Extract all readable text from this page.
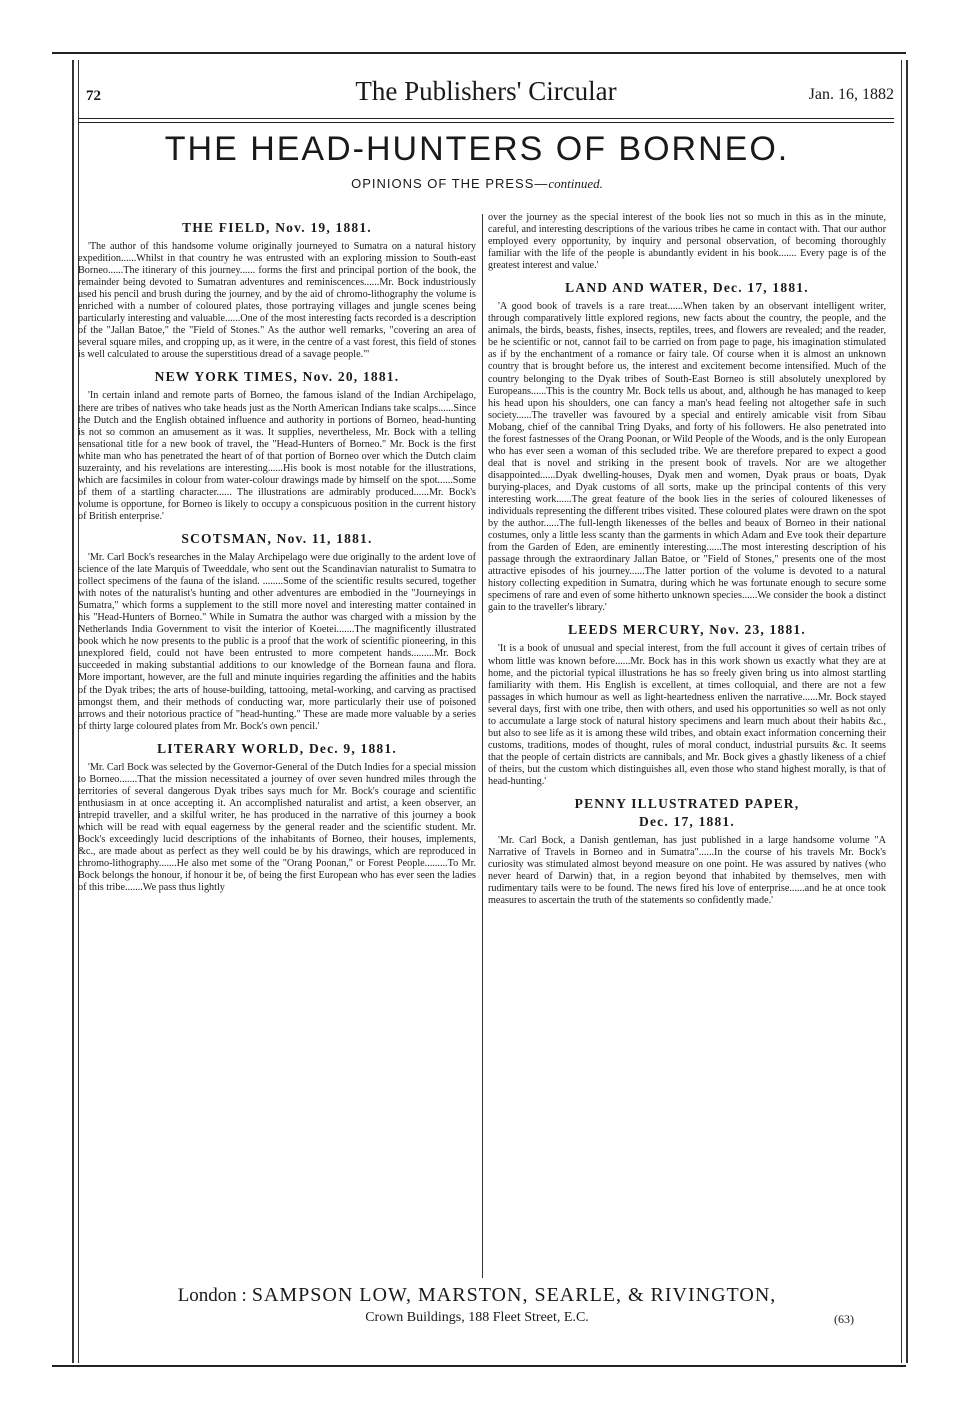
72	The Publishers' Circular	Jan. 16, 1882
THE HEAD-HUNTERS OF BORNEO.
OPINIONS OF THE PRESS—continued.
THE FIELD, Nov. 19, 1881.

'The author of this handsome volume originally journeyed to Sumatra on a natural history expedition......Whilst in that country he was entrusted with an exploring mission to South-east Borneo......The itinerary of this journey...... forms the first and principal portion of the book, the remainder being devoted to Sumatran adventures and reminiscences......Mr. Bock industriously used his pencil and brush during the journey, and by the aid of chromo-lithography the volume is enriched with a number of coloured plates, those portraying villages and jungle scenes being particularly interesting and valuable......One of the most interesting facts recorded is a description of the "Jallan Batoe," the "Field of Stones." As the author well remarks, "covering an area of several square miles, and cropping up, as it were, in the centre of a vast forest, this field of stones is well calculated to arouse the superstitious dread of a savage people."'

NEW YORK TIMES, Nov. 20, 1881.

'In certain inland and remote parts of Borneo, the famous island of the Indian Archipelago, there are tribes of natives who take heads just as the North American Indians take scalps......Since the Dutch and the English obtained influence and authority in portions of Borneo, head-hunting is not so common an amusement as it was. It supplies, nevertheless, Mr. Bock with a telling sensational title for a new book of travel, the "Head-Hunters of Borneo." Mr. Bock is the first white man who has penetrated the heart of of that portion of Borneo over which the Dutch claim suzerainty, and his revelations are interesting......His book is most notable for the illustrations, which are facsimiles in colour from water-colour drawings made by himself on the spot......Some of them of a startling character...... The illustrations are admirably produced......Mr. Bock's volume is opportune, for Borneo is likely to occupy a conspicuous position in the current history of British enterprise.'

SCOTSMAN, Nov. 11, 1881.

'Mr. Carl Bock's researches in the Malay Archipelago were due originally to the ardent love of science of the late Marquis of Tweeddale, who sent out the Scandinavian naturalist to Sumatra to collect specimens of the fauna of the island. ........Some of the scientific results secured, together with notes of the naturalist's hunting and other adventures are embodied in the "Journeyings in Sumatra," which forms a supplement to the still more novel and interesting matter contained in his "Head-Hunters of Borneo." While in Sumatra the author was charged with a mission by the Netherlands India Government to visit the interior of Koetei.......The magnificently illustrated book which he now presents to the public is a proof that the work of scientific pioneering, in this unexplored field, could not have been entrusted to more competent hands.........Mr. Bock succeeded in making substantial additions to our knowledge of the Bornean fauna and flora. More important, however, are the full and minute inquiries regarding the affinities and the habits of the Dyak tribes; the arts of house-building, tattooing, metal-working, and carving as practised amongst them, and their methods of conducting war, more particularly their use of poisoned arrows and their notorious practice of "head-hunting." These are made more valuable by a series of thirty large coloured plates from Mr. Bock's own pencil.'

LITERARY WORLD, Dec. 9, 1881.

'Mr. Carl Bock was selected by the Governor-General of the Dutch Indies for a special mission to Borneo.......That the mission necessitated a journey of over seven hundred miles through the territories of several dangerous Dyak tribes says much for Mr. Bock's courage and scientific enthusiasm in at once accepting it. An accomplished naturalist and artist, a keen observer, an intrepid traveller, and a skilful writer, he has produced in the narrative of this journey a book which will be read with equal eagerness by the general reader and the scientific student. Mr. Bock's exceedingly lucid descriptions of the inhabitants of Borneo, their houses, implements, &c., are made about as perfect as they well could be by his drawings, which are reproduced in chromo-lithography.......He also met some of the "Orang Poonan," or Forest People.........To Mr. Bock belongs the honour, if honour it be, of being the first European who has ever seen the ladies of this tribe.......We pass thus lightly

over the journey as the special interest of the book lies not so much in this as in the minute, careful, and interesting descriptions of the various tribes he came in contact with. That our author employed every opportunity, by inquiry and personal observation, of becoming thoroughly familiar with the life of the people is abundantly evident in his book....... Every page is of the greatest interest and value.'

LAND AND WATER, Dec. 17, 1881.

'A good book of travels is a rare treat......When taken by an observant intelligent writer, through comparatively little explored regions, new facts about the country, the people, and the animals, the birds, beasts, fishes, insects, reptiles, trees, and flowers are revealed; and the reader, be he scientific or not, cannot fail to be carried on from page to page, his imagination stimulated as if by the enchantment of a romance or fairy tale. Of course when it is almost an unknown country that is brought before us, the interest and excitement become intensified. Much of the country belonging to the Dyak tribes of South-East Borneo is still absolutely unexplored by Europeans......This is the country Mr. Bock tells us about, and, although he has managed to keep his head upon his shoulders, one can fancy a man's head feeling not altogether safe in such society......The traveller was favoured by a special and entirely amicable visit from Sibau Mobang, chief of the cannibal Tring Dyaks, and forty of his followers. He also penetrated into the forest fastnesses of the Orang Poonan, or Wild People of the Woods, and is the only European who has ever seen a woman of this secluded tribe. We are therefore prepared to expect a good deal that is novel and striking in the present book of travels. Nor are we altogether disappointed......Dyak dwelling-houses, Dyak men and women, Dyak praus or boats, Dyak burying-places, and Dyak customs of all sorts, make up the principal contents of this very interesting work......The great feature of the book lies in the series of coloured likenesses of individuals representing the different tribes visited. These coloured plates were drawn on the spot by the author......The full-length likenesses of the belles and beaux of Borneo in their national costumes, only a little less scanty than the garments in which Adam and Eve took their departure from the Garden of Eden, are eminently interesting......The most interesting description of his passage through the extraordinary Jallan Batoe, or "Field of Stones," presents one of the most attractive episodes of his journey......The latter portion of the volume is devoted to a natural history collecting expedition in Sumatra, during which he was fortunate enough to secure some specimens of rare and even of some hitherto unknown species......We consider the book a distinct gain to the traveller's library.'

LEEDS MERCURY, Nov. 23, 1881.

'It is a book of unusual and special interest, from the full account it gives of certain tribes of whom little was known before......Mr. Bock has in this work shown us exactly what they are at home, and the pictorial typical illustrations he has so freely given bring us into almost startling familiarity with them. His English is excellent, at times colloquial, and there are not a few passages in which humour as well as light-heartedness enliven the narrative......Mr. Bock stayed several days, first with one tribe, then with others, and used his opportunities so well as not only to accumulate a large stock of natural history specimens and learn much about their habits &c., but also to see life as it is among these wild tribes, and obtain exact information concerning their customs, traditions, modes of thought, rules of moral conduct, industrial pursuits &c. It seems that the people of certain districts are cannibals, and Mr. Bock gives a ghastly likeness of a chief of theirs, but the custom which distinguishes all, even those who stand highest morally, is that of head-hunting.'

PENNY ILLUSTRATED PAPER,
Dec. 17, 1881.

'Mr. Carl Bock, a Danish gentleman, has just published in a large handsome volume "A Narrative of Travels in Borneo and in Sumatra"......In the course of his travels Mr. Bock's curiosity was stimulated almost beyond measure on one point. He was assured by natives (who never heard of Darwin) that, in a region beyond that inhabited by themselves, men with rudimentary tails were to be found. The news fired his love of enterprise......and he at once took measures to ascertain the truth of the statements so confidently made.'

London : SAMPSON LOW, MARSTON, SEARLE, & RIVINGTON,
Crown Buildings, 188 Fleet Street, E.C.	(63)
